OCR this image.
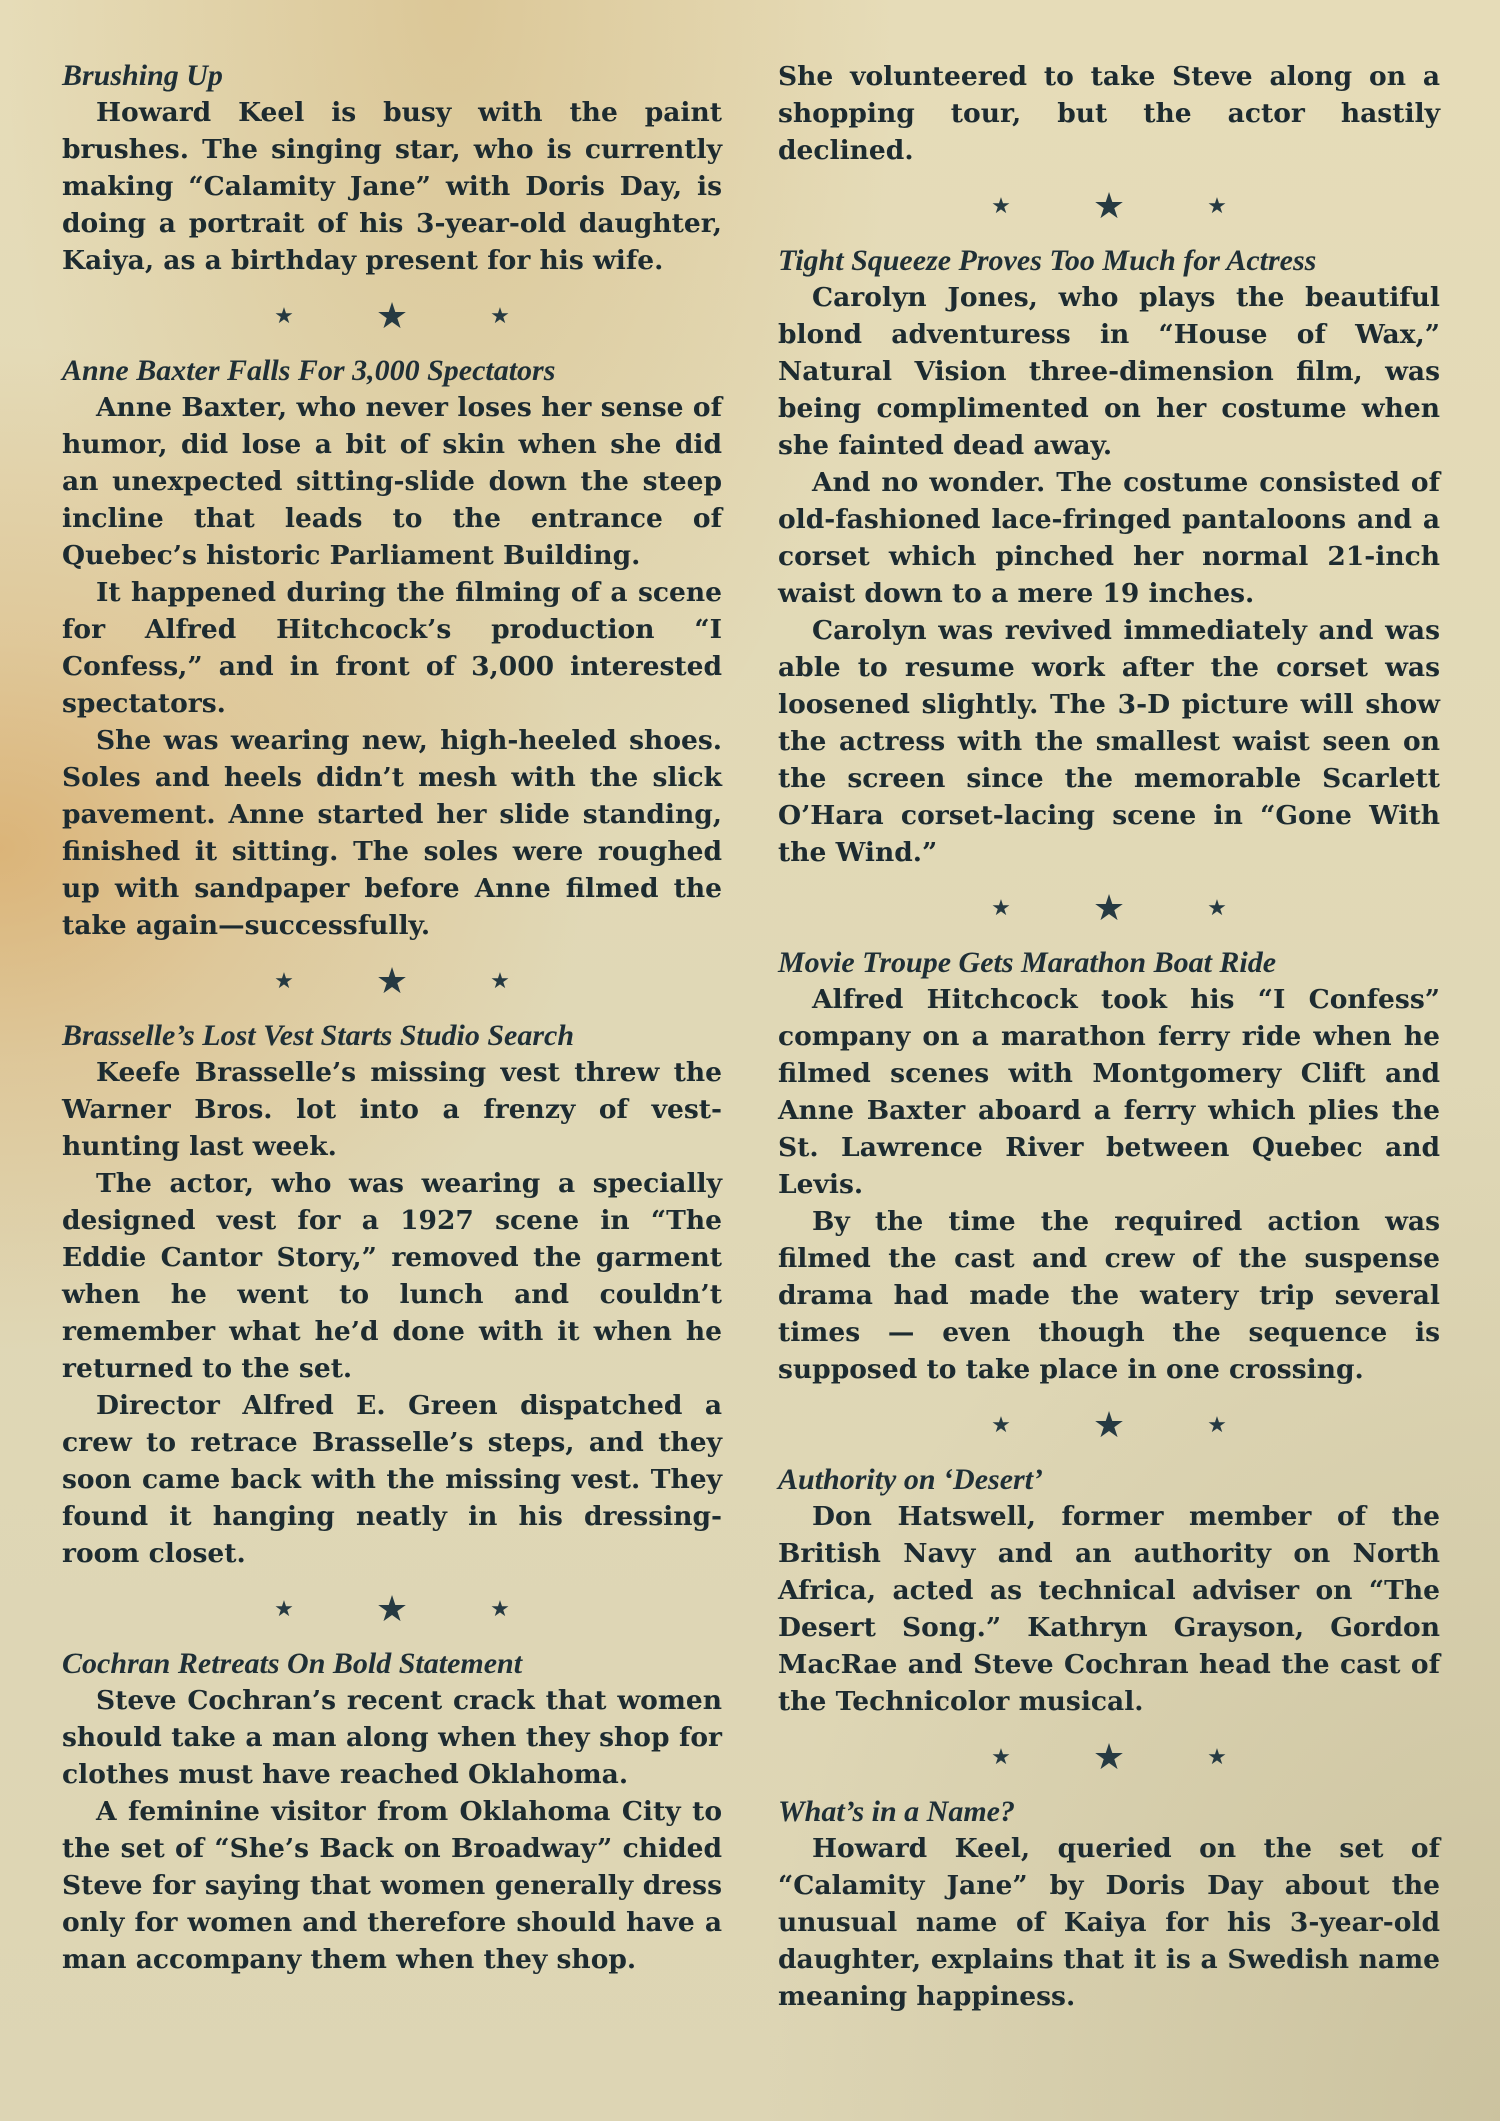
Brushing Up

Howard Keel is busy with the paint brushes. The singing star, who is currently making “Calamity Jane” with Doris Day, is doing a portrait of his 3-year-old daughter, Kaiya, as a birthday present for his wife.

★ ★	★
Anne Baxter Falls For 3,000 Spectators

Anne Baxter, who never loses her sense of humor, did lose a bit of skin when she did an unexpected sitting-slide down the steep incline that leads to the entrance of Quebec’s historic Parliament Building.

It happened during the filming of a scene for Alfred Hitchcock’s production “I Confess,” and in front of 3,000 interested spectators.

She was wearing new, high-heeled shoes. Soles and heels didn’t mesh with the slick pavement. Anne started her slide standing, finished it sitting. The soles were roughed up with sandpaper before Anne filmed the take again—successfully.

★ ★	★
Brasselle’s Lost Vest Starts Studio Search

Keefe Brasselle’s missing vest threw the Warner Bros. lot into a frenzy of vest-hunting last week.

The actor, who was wearing a specially designed vest for a 1927 scene in “The Eddie Cantor Story,” removed the garment when he went to lunch and couldn’t remember what he’d done with it when he returned to the set.

Director Alfred E. Green dispatched a crew to retrace Brasselle’s steps, and they soon came back with the missing vest. They found it hanging neatly in his dressing-room closet.

★ ★	★
Cochran Retreats On Bold Statement

Steve Cochran’s recent crack that women should take a man along when they shop for clothes must have reached Oklahoma.

A feminine visitor from Oklahoma City to the set of “She’s Back on Broadway” chided Steve for saying that women generally dress only for women and therefore should have a man accompany them when they shop.

She volunteered to take Steve along on a shopping tour, but the actor hastily declined.

★ ★	★
Tight Squeeze Proves Too Much for Actress

Carolyn Jones, who plays the beautiful blond adventuress in “House of Wax,” Natural Vision three-dimension film, was being complimented on her costume when she fainted dead away.

And no wonder. The costume consisted of old-fashioned lace-fringed pantaloons and a corset which pinched her normal 21-inch waist down to a mere 19 inches.

Carolyn was revived immediately and was able to resume work after the corset was loosened slightly. The 3-D picture will show the actress with the smallest waist seen on the screen since the memorable Scarlett O’Hara corset-lacing scene in “Gone With the Wind.”

★ ★	★
Movie Troupe Gets Marathon Boat Ride

Alfred Hitchcock took his “I Confess” company on a marathon ferry ride when he filmed scenes with Montgomery Clift and Anne Baxter aboard a ferry which plies the St. Lawrence River between Quebec and Levis.

By the time the required action was filmed the cast and crew of the suspense drama had made the watery trip several times — even though the sequence is supposed to take place in one crossing.

★ ★	★
Authority on ‘Desert’

Don Hatswell, former member of the British Navy and an authority on North Africa, acted as technical adviser on “The Desert Song.” Kathryn Grayson, Gordon MacRae and Steve Cochran head the cast of the Technicolor musical.

★ ★	★
What’s in a Name?

Howard Keel, queried on the set of “Calamity Jane” by Doris Day about the unusual name of Kaiya for his 3-year-old daughter, explains that it is a Swedish name meaning happiness.
